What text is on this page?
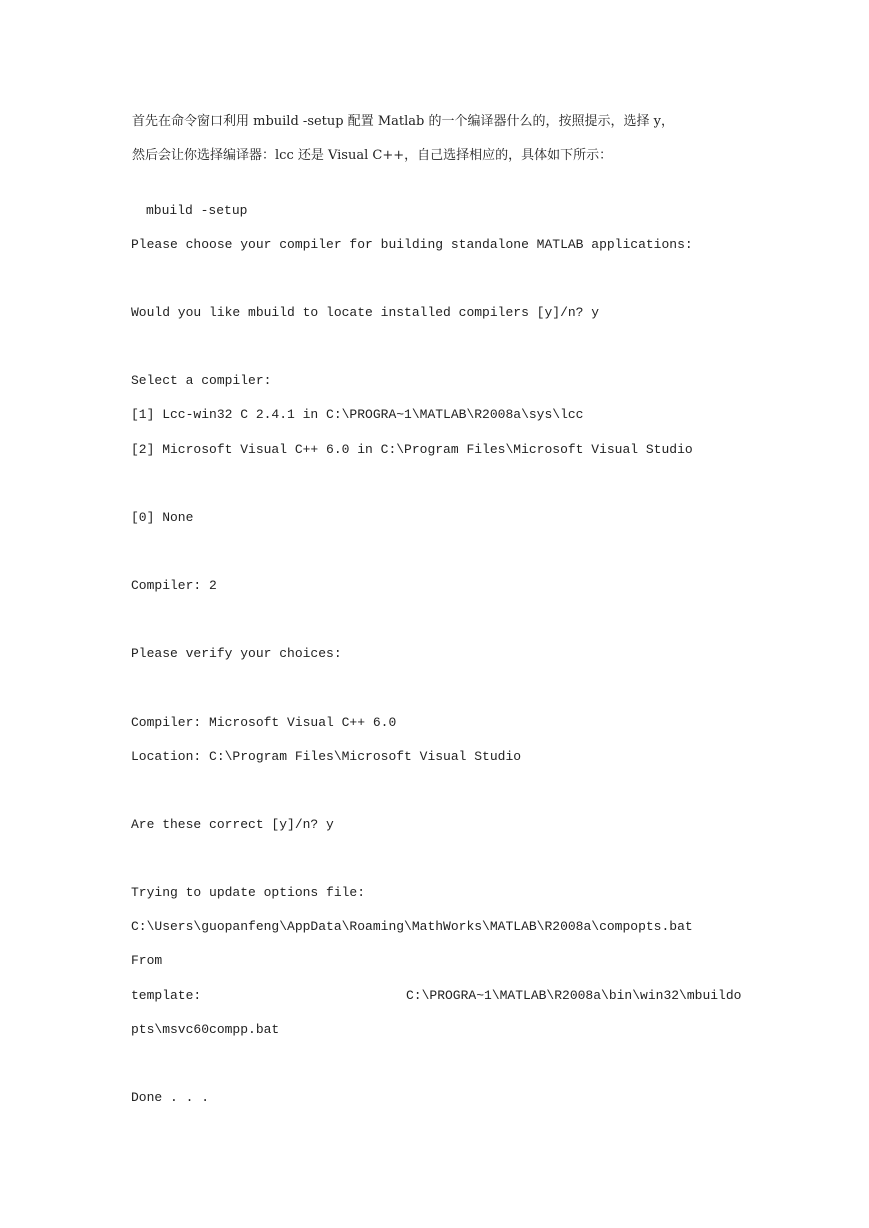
首先在命令窗口利用 mbuild -setup 配置 Matlab 的一个编译器什么的，按照提示，选择 y，
然后会让你选择编译器：lcc 还是 Visual C++，自己选择相应的，具体如下所示：
mbuild -setup
Please choose your compiler for building standalone MATLAB applications:
Would you like mbuild to locate installed compilers [y]/n? y
Select a compiler:
[1] Lcc-win32 C 2.4.1 in C:\PROGRA~1\MATLAB\R2008a\sys\lcc
[2] Microsoft Visual C++ 6.0 in C:\Program Files\Microsoft Visual Studio
[0] None
Compiler: 2
Please verify your choices:
Compiler: Microsoft Visual C++ 6.0
Location: C:\Program Files\Microsoft Visual Studio
Are these correct [y]/n? y
Trying to update options file:
C:\Users\guopanfeng\AppData\Roaming\MathWorks\MATLAB\R2008a\compopts.bat
From
template:	C:\PROGRA~1\MATLAB\R2008a\bin\win32\mbuildo
pts\msvc60compp.bat
Done . . .
